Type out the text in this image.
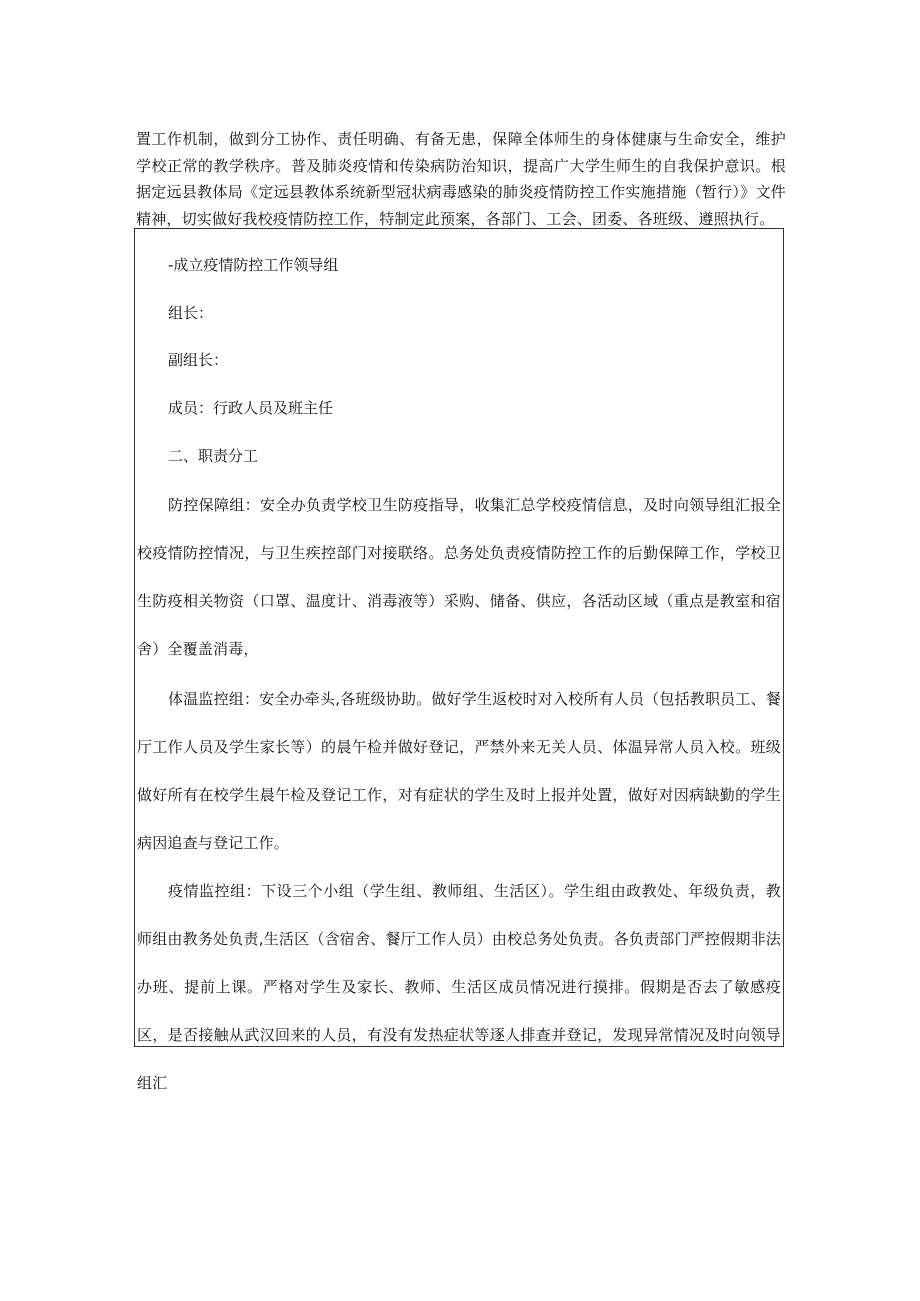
置工作机制，做到分工协作、责任明确、有备无患，保障全体师生的身体健康与生命安全，维护学校正常的教学秩序。普及肺炎疫情和传染病防治知识，提高广大学生师生的自我保护意识。根据定远县教体局《定远县教体系统新型冠状病毒感染的肺炎疫情防控工作实施措施（暂行）》文件精神，切实做好我校疫情防控工作，特制定此预案，各部门、工会、团委、各班级、遵照执行。

-成立疫情防控工作领导组

组长：

副组长：

成员：行政人员及班主任

二、职责分工

防控保障组：安全办负责学校卫生防疫指导，收集汇总学校疫情信息，及时向领导组汇报全校疫情防控情况，与卫生疾控部门对接联络。总务处负责疫情防控工作的后勤保障工作，学校卫生防疫相关物资（口罩、温度计、消毒液等）采购、储备、供应，各活动区域（重点是教室和宿舍）全覆盖消毒，

体温监控组：安全办牵头,各班级协助。做好学生返校时对入校所有人员（包括教职员工、餐厅工作人员及学生家长等）的晨午检并做好登记，严禁外来无关人员、体温异常人员入校。班级做好所有在校学生晨午检及登记工作，对有症状的学生及时上报并处置，做好对因病缺勤的学生病因追查与登记工作。

疫情监控组：下设三个小组（学生组、教师组、生活区）。学生组由政教处、年级负责，教师组由教务处负责,生活区（含宿舍、餐厅工作人员）由校总务处负责。各负责部门严控假期非法办班、提前上课。严格对学生及家长、教师、生活区成员情况进行摸排。假期是否去了敏感疫区，是否接触从武汉回来的人员，有没有发热症状等逐人排查并登记，发现异常情况及时向领导组汇
